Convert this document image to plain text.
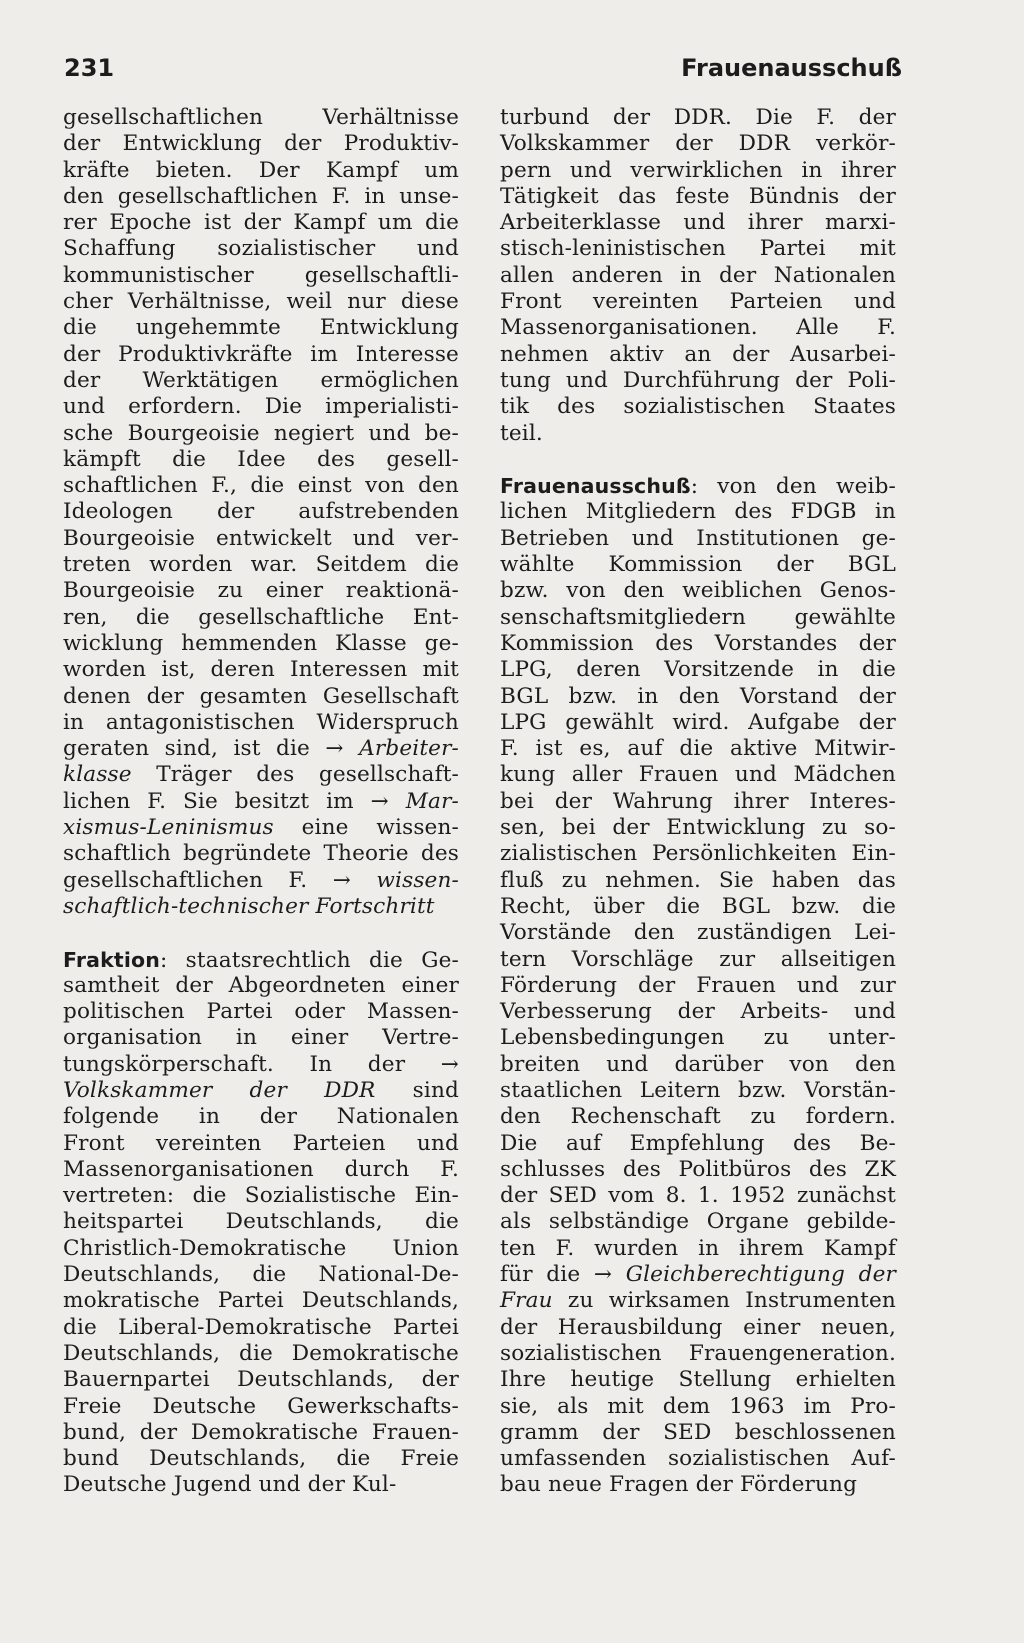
231	Frauenausschuß
gesellschaftlichen Verhältnisse
der Entwicklung der Produktiv-
kräfte bieten. Der Kampf um
den gesellschaftlichen F. in unse-
rer Epoche ist der Kampf um die
Schaffung sozialistischer und
kommunistischer gesellschaftli-
cher Verhältnisse, weil nur diese
die ungehemmte Entwicklung
der Produktivkräfte im Interesse
der Werktätigen ermöglichen
und erfordern. Die imperialisti-
sche Bourgeoisie negiert und be-
kämpft die Idee des gesell-
schaftlichen F., die einst von den
Ideologen der aufstrebenden
Bourgeoisie entwickelt und ver-
treten worden war. Seitdem die
Bourgeoisie zu einer reaktionä-
ren, die gesellschaftliche Ent-
wicklung hemmenden Klasse ge-
worden ist, deren Interessen mit
denen der gesamten Gesellschaft
in antagonistischen Widerspruch
geraten sind, ist die → Arbeiter-
klasse Träger des gesellschaft-
lichen F. Sie besitzt im → Mar-
xismus-Leninismus eine wissen-
schaftlich begründete Theorie des
gesellschaftlichen F. → wissen-
schaftlich-technischer Fortschritt
Fraktion: staatsrechtlich die Ge-
samtheit der Abgeordneten einer
politischen Partei oder Massen-
organisation in einer Vertre-
tungskörperschaft. In der →
Volkskammer der DDR sind
folgende in der Nationalen
Front vereinten Parteien und
Massenorganisationen durch F.
vertreten: die Sozialistische Ein-
heitspartei Deutschlands, die
Christlich-Demokratische Union
Deutschlands, die National-De-
mokratische Partei Deutschlands,
die Liberal-Demokratische Partei
Deutschlands, die Demokratische
Bauernpartei Deutschlands, der
Freie Deutsche Gewerkschafts-
bund, der Demokratische Frauen-
bund Deutschlands, die Freie
Deutsche Jugend und der Kul-
turbund der DDR. Die F. der
Volkskammer der DDR verkör-
pern und verwirklichen in ihrer
Tätigkeit das feste Bündnis der
Arbeiterklasse und ihrer marxi-
stisch-leninistischen Partei mit
allen anderen in der Nationalen
Front vereinten Parteien und
Massenorganisationen. Alle F.
nehmen aktiv an der Ausarbei-
tung und Durchführung der Poli-
tik des sozialistischen Staates
teil.
Frauenausschuß: von den weib-
lichen Mitgliedern des FDGB in
Betrieben und Institutionen ge-
wählte Kommission der BGL
bzw. von den weiblichen Genos-
senschaftsmitgliedern gewählte
Kommission des Vorstandes der
LPG, deren Vorsitzende in die
BGL bzw. in den Vorstand der
LPG gewählt wird. Aufgabe der
F. ist es, auf die aktive Mitwir-
kung aller Frauen und Mädchen
bei der Wahrung ihrer Interes-
sen, bei der Entwicklung zu so-
zialistischen Persönlichkeiten Ein-
fluß zu nehmen. Sie haben das
Recht, über die BGL bzw. die
Vorstände den zuständigen Lei-
tern Vorschläge zur allseitigen
Förderung der Frauen und zur
Verbesserung der Arbeits- und
Lebensbedingungen zu unter-
breiten und darüber von den
staatlichen Leitern bzw. Vorstän-
den Rechenschaft zu fordern.
Die auf Empfehlung des Be-
schlusses des Politbüros des ZK
der SED vom 8. 1. 1952 zunächst
als selbständige Organe gebilde-
ten F. wurden in ihrem Kampf
für die → Gleichberechtigung der
Frau zu wirksamen Instrumenten
der Herausbildung einer neuen,
sozialistischen Frauengeneration.
Ihre heutige Stellung erhielten
sie, als mit dem 1963 im Pro-
gramm der SED beschlossenen
umfassenden sozialistischen Auf-
bau neue Fragen der Förderung
